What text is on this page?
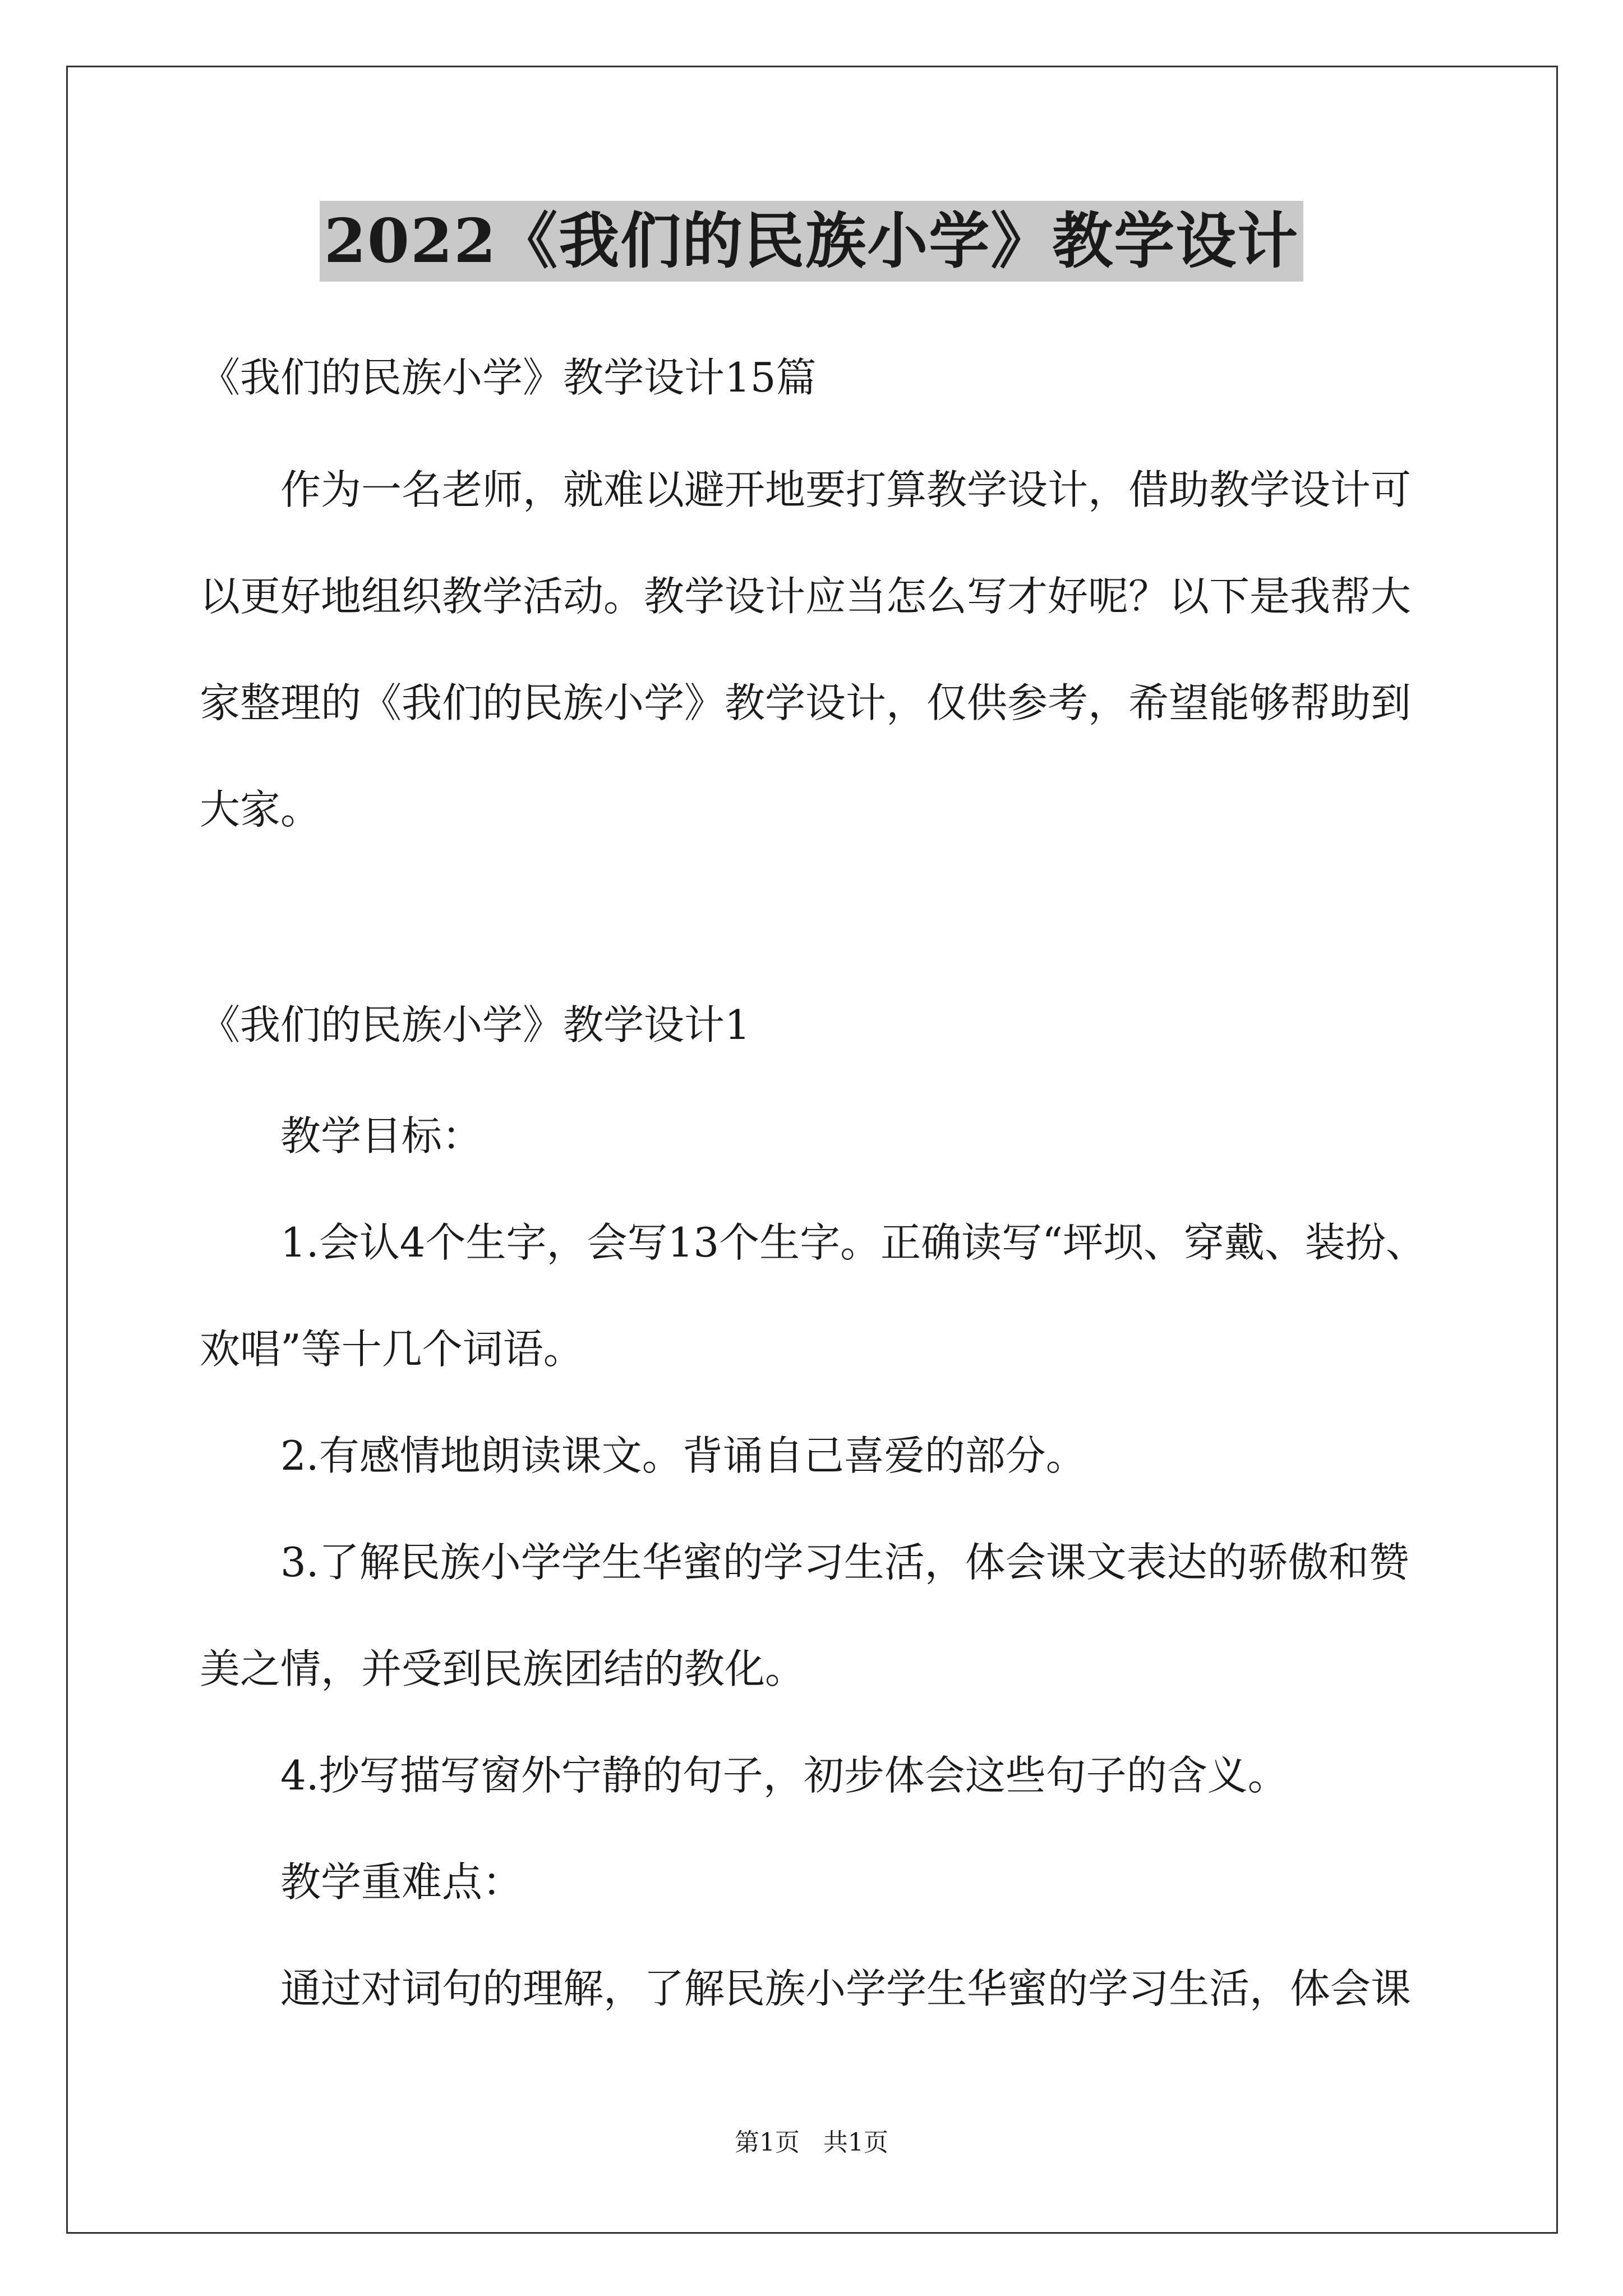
2022《我们的民族小学》教学设计
《我们的民族小学》教学设计15篇
作为一名老师，就难以避开地要打算教学设计，借助教学设计可
以更好地组织教学活动。教学设计应当怎么写才好呢？以下是我帮大
家整理的《我们的民族小学》教学设计，仅供参考，希望能够帮助到
大家。
《我们的民族小学》教学设计1
教学目标：
1.会认4个生字，会写13个生字。正确读写“坪坝、穿戴、装扮、
欢唱”等十几个词语。
2.有感情地朗读课文。背诵自己喜爱的部分。
3.了解民族小学学生华蜜的学习生活，体会课文表达的骄傲和赞
美之情，并受到民族团结的教化。
4.抄写描写窗外宁静的句子，初步体会这些句子的含义。
教学重难点：
通过对词句的理解，了解民族小学学生华蜜的学习生活，体会课
第1页 共1页
